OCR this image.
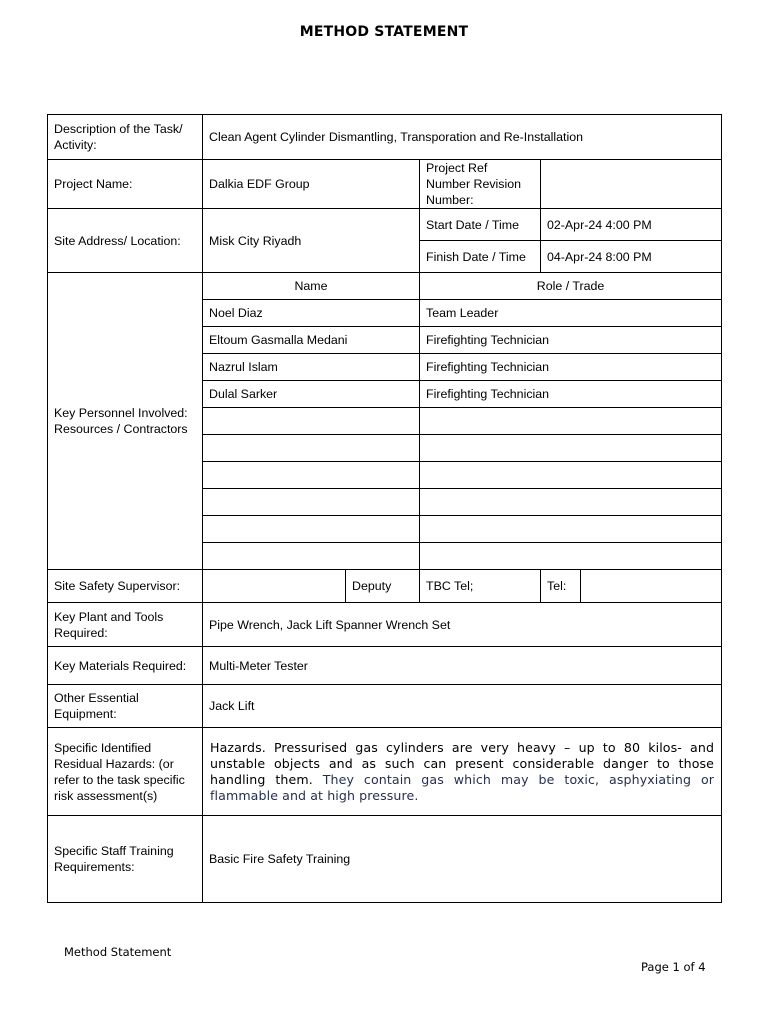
METHOD STATEMENT
Description of the Task/ Activity:	Clean Agent Cylinder Dismantling, Transporation and Re-Installation				
Project Name:	Dalkia EDF Group		Project Ref Number Revision Number:		
Site Address/ Location:	Misk City Riyadh		Start Date / Time	02-Apr-24 4:00 PM	
			Finish Date / Time	04-Apr-24 8:00 PM	
Key Personnel Involved: Resources / Contractors	Name		Role / Trade		
	Noel Diaz		Team Leader		
	Eltoum Gasmalla Medani		Firefighting Technician		
	Nazrul Islam		Firefighting Technician		
	Dulal Sarker		Firefighting Technician		

Site Safety Supervisor:		Deputy	TBC Tel;	Tel:	
Key Plant and Tools Required:	Pipe Wrench, Jack Lift Spanner Wrench Set				
Key Materials Required:	Multi-Meter Tester				
Other Essential Equipment:	Jack Lift				
Specific Identified Residual Hazards: (or refer to the task specific risk assessment(s)	Hazards. Pressurised gas cylinders are very heavy – up to 80 kilos- and unstable objects and as such can present considerable danger to those handling them. They contain gas which may be toxic, asphyxiating or flammable and at high pressure.				
Specific Staff Training Requirements:	Basic Fire Safety Training				
Method Statement
Page 1 of 4
